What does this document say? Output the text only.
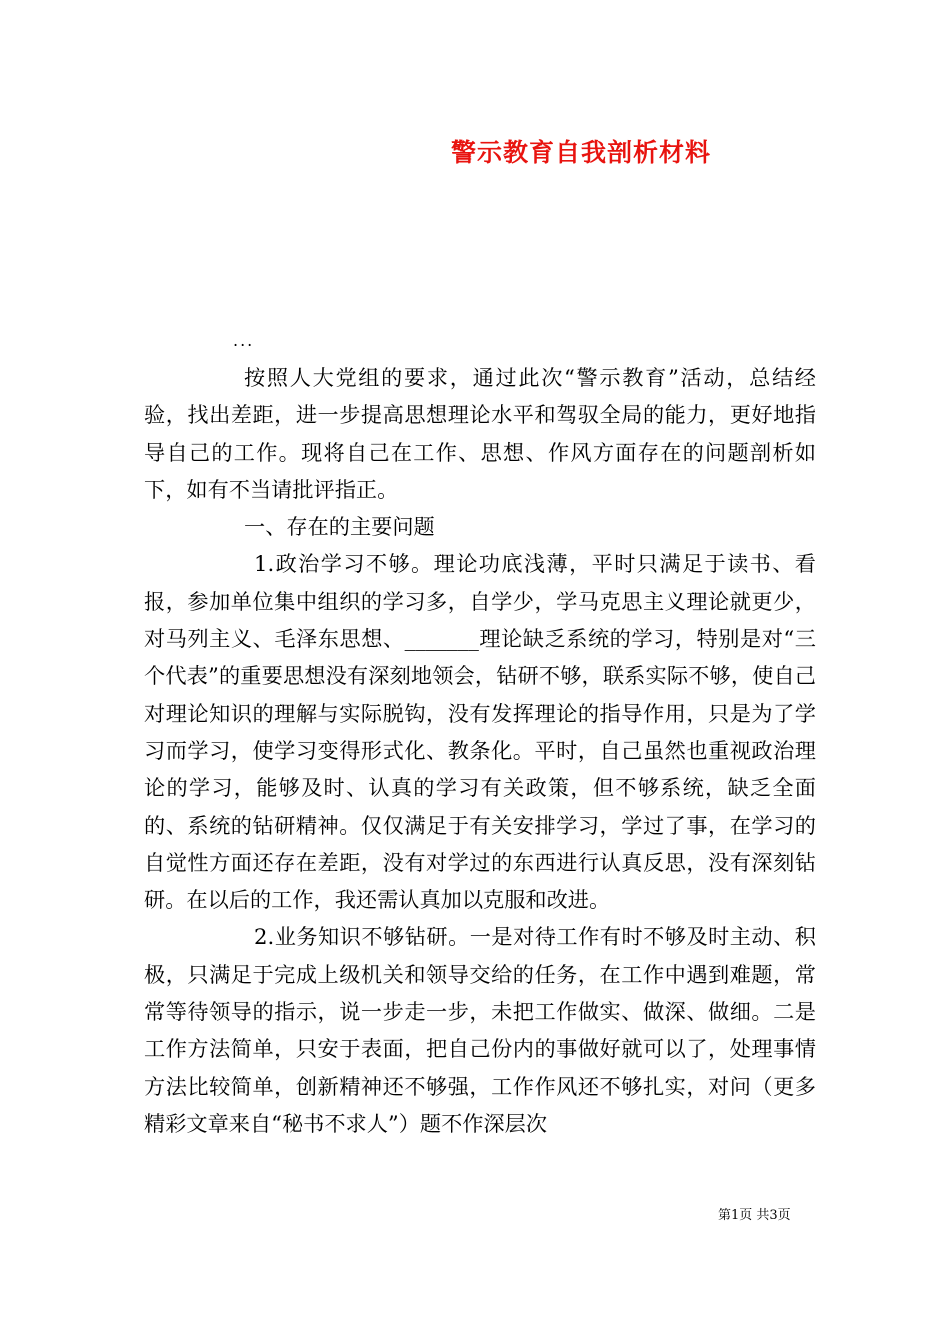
警示教育自我剖析材料
...

按照人大党组的要求，通过此次“警示教育”活动，总结经验，找出差距，进一步提高思想理论水平和驾驭全局的能力，更好地指导自己的工作。现将自己在工作、思想、作风方面存在的问题剖析如下，如有不当请批评指正。

一、存在的主要问题

1.政治学习不够。理论功底浅薄，平时只满足于读书、看报，参加单位集中组织的学习多，自学少，学马克思主义理论就更少，对马列主义、毛泽东思想、_______理论缺乏系统的学习，特别是对“三个代表”的重要思想没有深刻地领会，钻研不够，联系实际不够，使自己对理论知识的理解与实际脱钩，没有发挥理论的指导作用，只是为了学习而学习，使学习变得形式化、教条化。平时，自己虽然也重视政治理论的学习，能够及时、认真的学习有关政策，但不够系统，缺乏全面的、系统的钻研精神。仅仅满足于有关安排学习，学过了事，在学习的自觉性方面还存在差距，没有对学过的东西进行认真反思，没有深刻钻研。在以后的工作，我还需认真加以克服和改进。

2.业务知识不够钻研。一是对待工作有时不够及时主动、积极，只满足于完成上级机关和领导交给的任务，在工作中遇到难题，常常等待领导的指示，说一步走一步，未把工作做实、做深、做细。二是工作方法简单，只安于表面，把自己份内的事做好就可以了，处理事情方法比较简单，创新精神还不够强，工作作风还不够扎实，对问（更多精彩文章来自“秘书不求人”）题不作深层次

第1页 共3页
